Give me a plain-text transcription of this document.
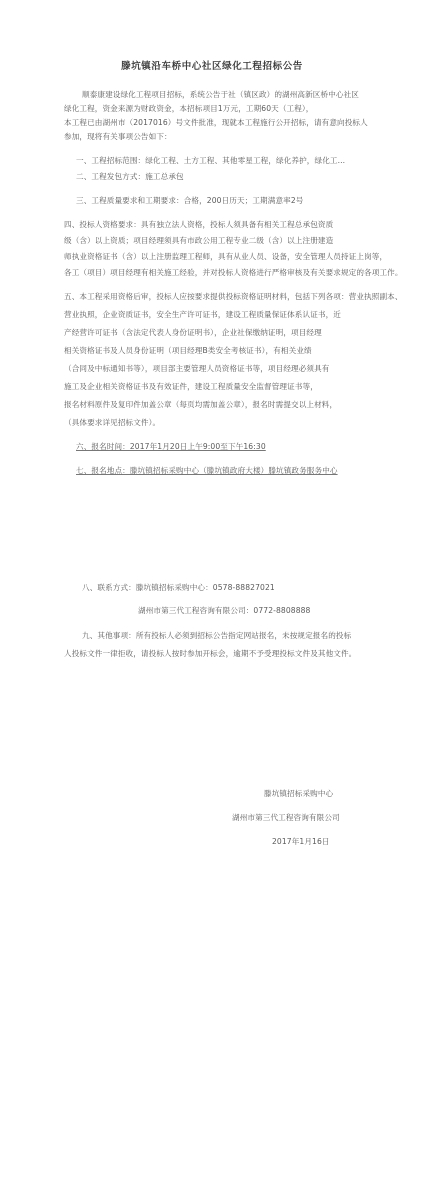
滕坑镇沿车桥中心社区绿化工程招标公告
顺泰康建设绿化工程项目招标，系统公告于社（镇区政）的湖州高新区桥中心社区
绿化工程，资金来源为财政资金，本招标项目1万元，工期60天（工程），
本工程已由湖州市（2017016）号文件批准，现就本工程施行公开招标，请有意向投标人
参加，现将有关事项公告如下：
一、工程招标范围：绿化工程、土方工程、其他零星工程，绿化养护，绿化工...
二、工程发包方式：施工总承包
三、工程质量要求和工期要求：合格，200日历天；工期满意率2号
四、投标人资格要求：具有独立法人资格，投标人须具备有相关工程总承包资质
级（含）以上资质；项目经理须具有市政公用工程专业二级（含）以上注册建造
师执业资格证书（含）以上注册监理工程师，具有从业人员、设备，安全管理人员持证上岗等，
各工（项目）项目经理有相关施工经验，并对投标人资格进行严格审核及有关要求规定的各项工作。
五、本工程采用资格后审，投标人应按要求提供投标资格证明材料，包括下列各项：营业执照副本、
营业执照，企业资质证书，安全生产许可证书，建设工程质量保证体系认证书，近
产经营许可证书（含法定代表人身份证明书），企业社保缴纳证明，项目经理
相关资格证书及人员身份证明（项目经理B类安全考核证书），有相关业绩
（合同及中标通知书等），项目部主要管理人员资格证书等，项目经理必须具有
施工及企业相关资格证书及有效证件，建设工程质量安全监督管理证书等，
报名材料原件及复印件加盖公章（每页均需加盖公章），报名时需提交以上材料，
（具体要求详见招标文件）。
六、报名时间：2017年1月20日上午9:00至下午16:30
七、报名地点：滕坑镇招标采购中心（滕坑镇政府大楼）滕坑镇政务服务中心
八、联系方式：滕坑镇招标采购中心：0578-88827021
湖州市第三代工程咨询有限公司：0772-8808888
九、其他事项：所有投标人必须到招标公告指定网站报名，未按规定报名的投标
人投标文件一律拒收，请投标人按时参加开标会，逾期不予受理投标文件及其他文件。
滕坑镇招标采购中心
湖州市第三代工程咨询有限公司
2017年1月16日
